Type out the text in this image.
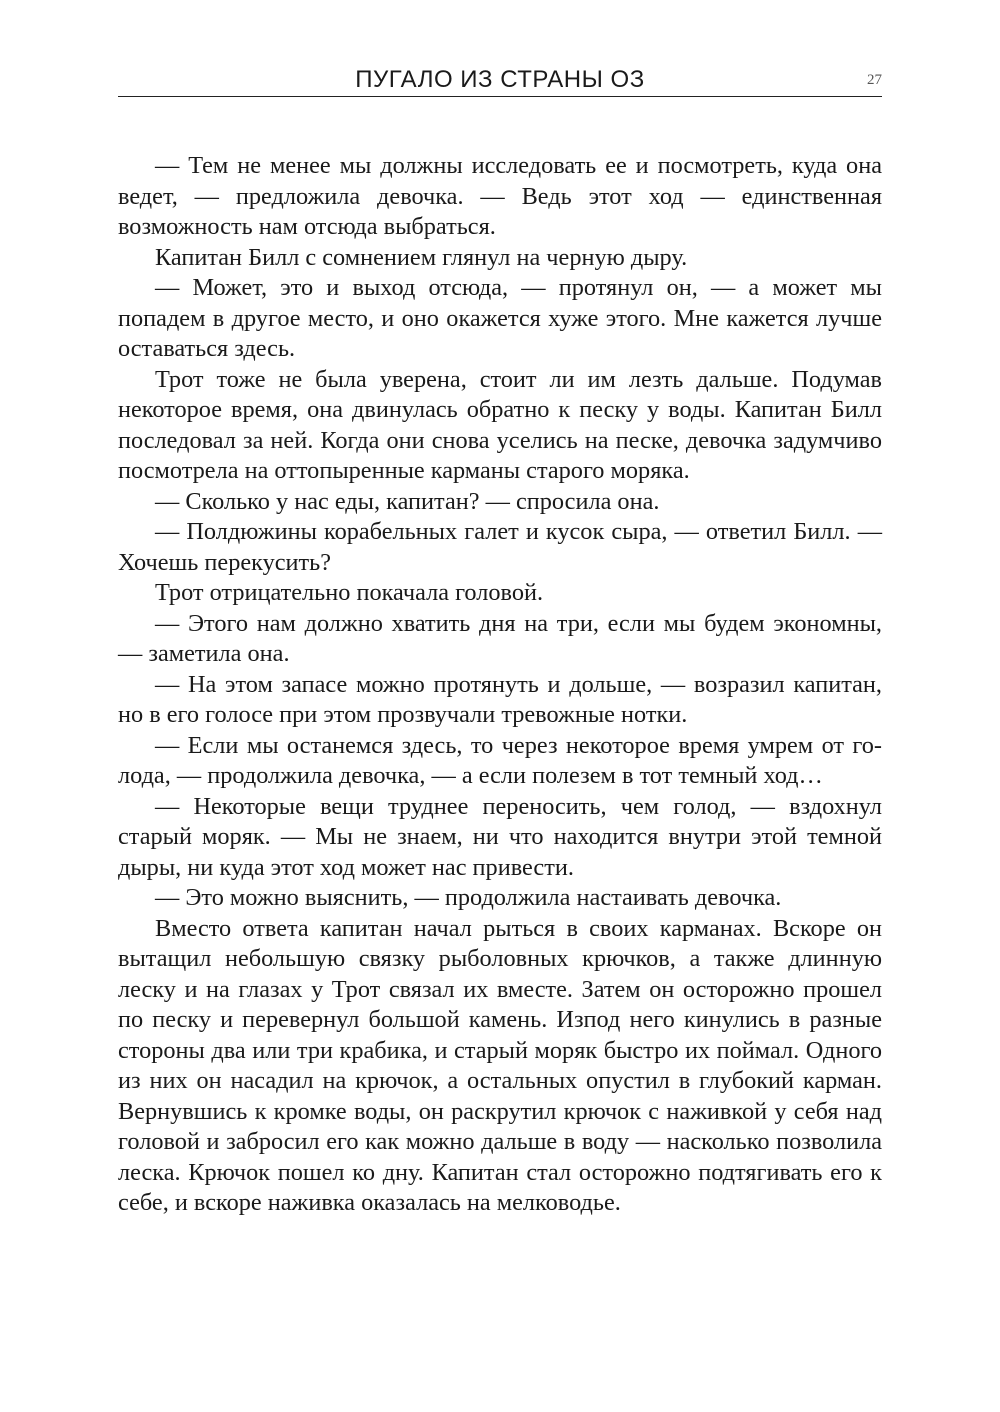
ПУГАЛО ИЗ СТРАНЫ ОЗ	27

— Тем не менее мы должны исследовать ее и посмотреть, куда она ведет, — предложила девочка. — Ведь этот ход — единственная возможность нам отсюда выбраться.

Капитан Билл с сомнением глянул на черную дыру.

— Может, это и выход отсюда, — протянул он, — а может мы попадем в другое место, и оно окажется хуже этого. Мне кажется лучше оставаться здесь.

Трот тоже не была уверена, стоит ли им лезть дальше. Подумав некоторое время, она двинулась обратно к песку у воды. Капитан Билл последовал за ней. Когда они снова уселись на песке, девочка задумчиво посмотрела на оттопыренные карманы старого моряка.

— Сколько у нас еды, капитан? — спросила она.

— Полдюжины корабельных галет и кусок сыра, — ответил Билл. — Хочешь перекусить?

Трот отрицательно покачала головой.

— Этого нам должно хватить дня на три, если мы будем экономны, — заметила она.

— На этом запасе можно протянуть и дольше, — возразил капитан, но в его голосе при этом прозвучали тревожные нотки.

— Если мы останемся здесь, то через некоторое время умрем от голода, — продолжила девочка, — а если полезем в тот темный ход…

— Некоторые вещи труднее переносить, чем голод, — вздохнул старый моряк. — Мы не знаем, ни что находится внутри этой темной дыры, ни куда этот ход может нас привести.

— Это можно выяснить, — продолжила настаивать девочка.

Вместо ответа капитан начал рыться в своих карманах. Вскоре он вытащил небольшую связку рыболовных крючков, а также длинную леску и на глазах у Трот связал их вместе. Затем он осторожно прошел по песку и перевернул большой камень. Изпод него кинулись в разные стороны два или три крабика, и старый моряк быстро их поймал. Одного из них он насадил на крючок, а остальных опустил в глубокий карман. Вернувшись к кромке воды, он раскрутил крючок с наживкой у себя над головой и забросил его как можно дальше в воду — насколько позволила леска. Крючок пошел ко дну. Капитан стал осторожно подтягивать его к себе, и вскоре наживка оказалась на мелководье.
